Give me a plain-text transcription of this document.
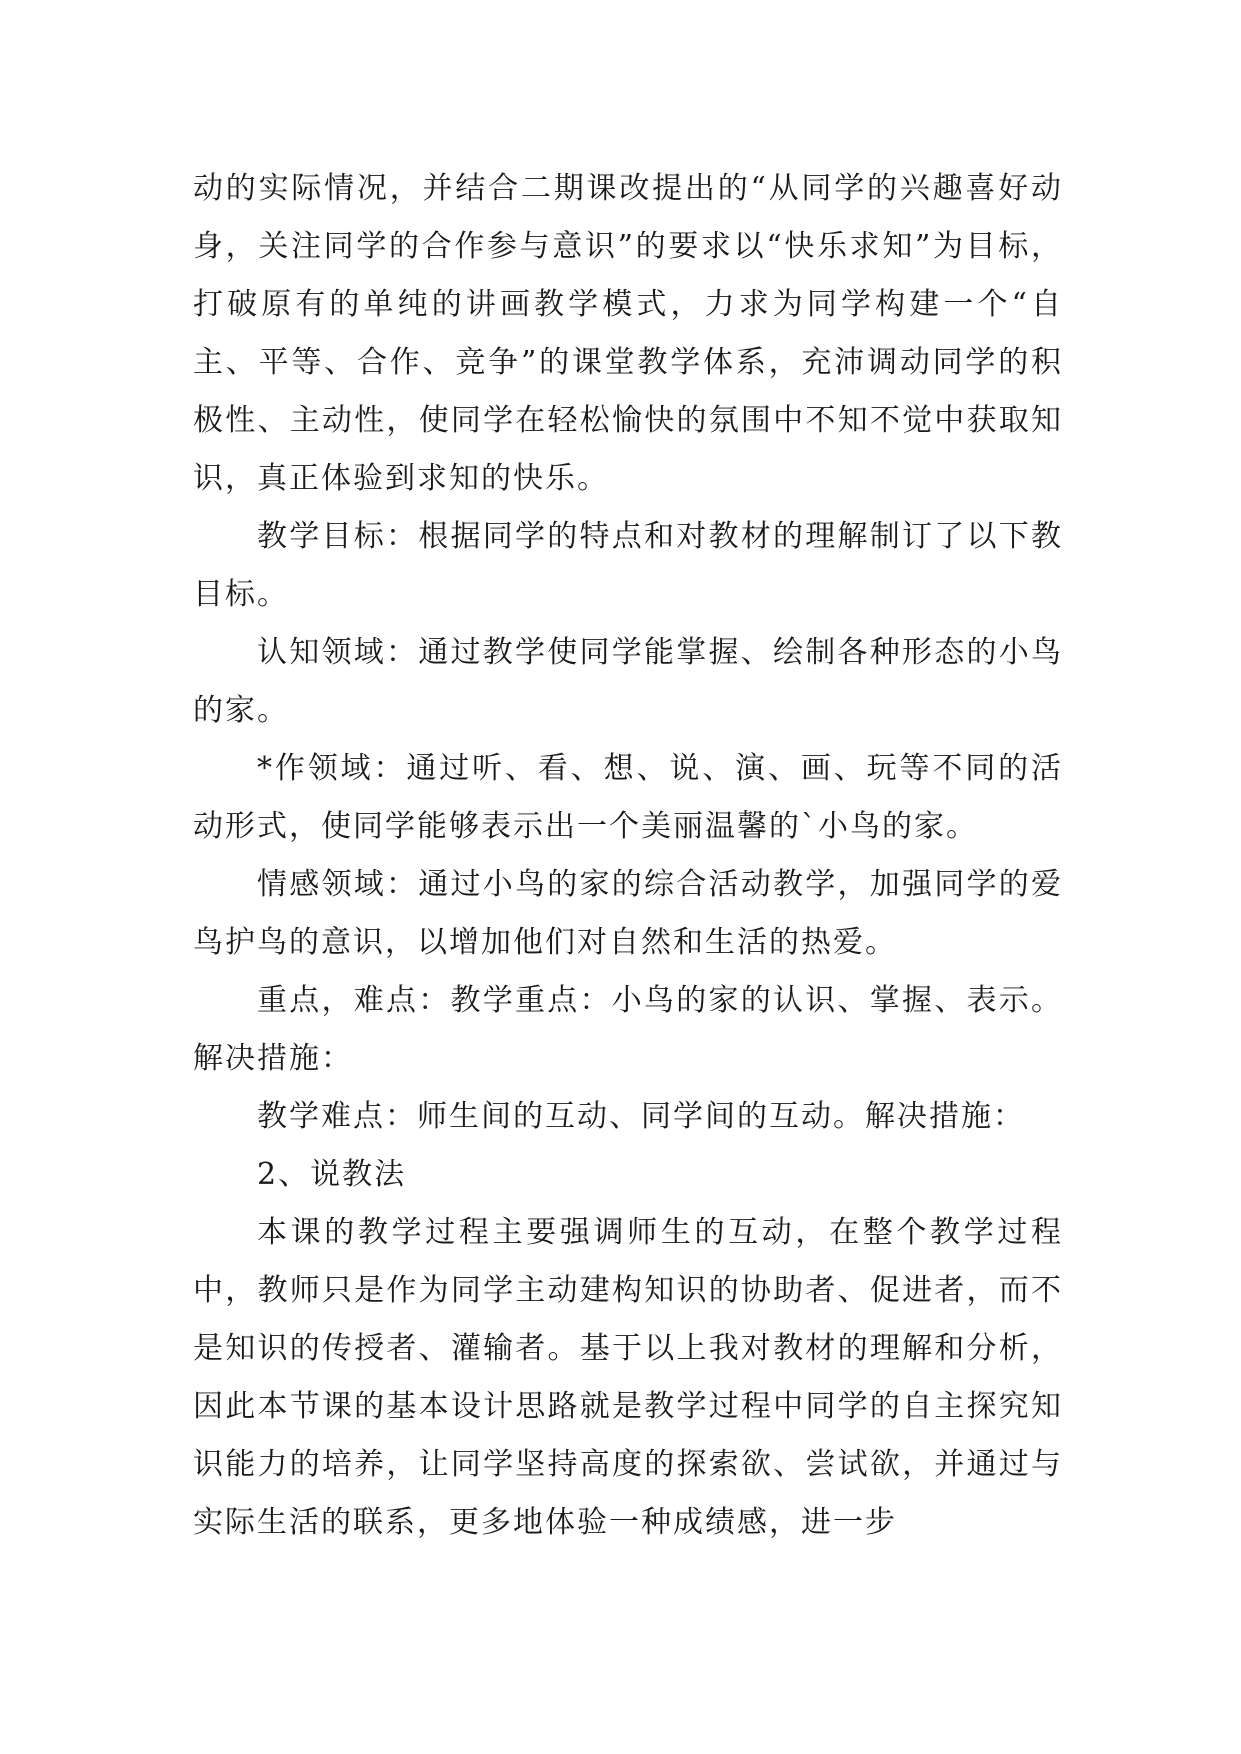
动的实际情况，并结合二期课改提出的“从同学的兴趣喜好动身，关注同学的合作参与意识”的要求以“快乐求知”为目标，打破原有的单纯的讲画教学模式，力求为同学构建一个“自主、平等、合作、竞争”的课堂教学体系，充沛调动同学的积极性、主动性，使同学在轻松愉快的氛围中不知不觉中获取知识，真正体验到求知的快乐。

教学目标：根据同学的特点和对教材的理解制订了以下教目标。

认知领域：通过教学使同学能掌握、绘制各种形态的小鸟的家。

*作领域：通过听、看、想、说、演、画、玩等不同的活动形式，使同学能够表示出一个美丽温馨的`小鸟的家。

情感领域：通过小鸟的家的综合活动教学，加强同学的爱鸟护鸟的意识，以增加他们对自然和生活的热爱。

重点，难点：教学重点：小鸟的家的认识、掌握、表示。解决措施：

教学难点：师生间的互动、同学间的互动。解决措施：

2、说教法

本课的教学过程主要强调师生的互动，在整个教学过程中，教师只是作为同学主动建构知识的协助者、促进者，而不是知识的传授者、灌输者。基于以上我对教材的理解和分析，因此本节课的基本设计思路就是教学过程中同学的自主探究知识能力的培养，让同学坚持高度的探索欲、尝试欲，并通过与实际生活的联系，更多地体验一种成绩感，进一步
